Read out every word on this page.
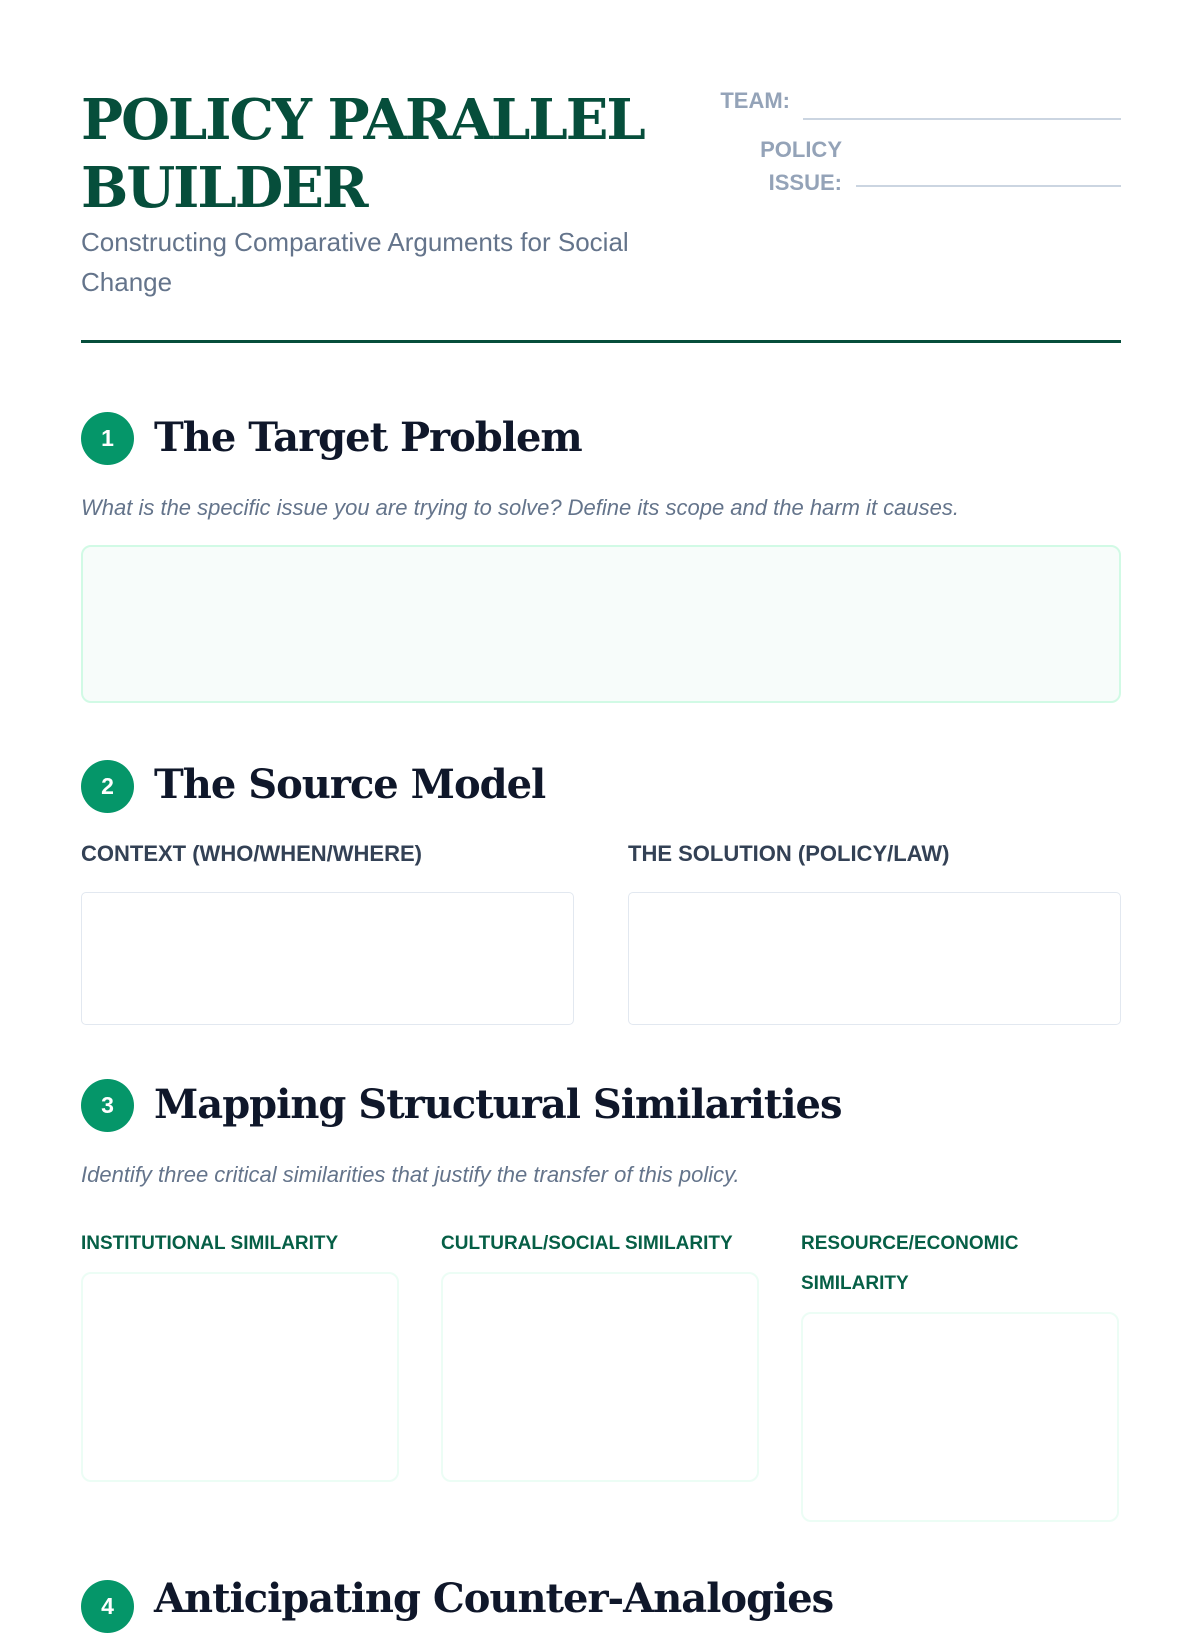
POLICY PARALLEL
BUILDER
Constructing Comparative Arguments for Social
Change
TEAM:
POLICY
ISSUE:
1	The Target Problem

What is the specific issue you are trying to solve? Define its scope and the harm it causes.

2	The Source Model
CONTEXT (WHO/WHEN/WHERE)	THE SOLUTION (POLICY/LAW)
3	Mapping Structural Similarities

Identify three critical similarities that justify the transfer of this policy.

INSTITUTIONAL SIMILARITY	CULTURAL/SOCIAL SIMILARITY	RESOURCE/ECONOMIC SIMILARITY
4	Anticipating Counter-Analogies
